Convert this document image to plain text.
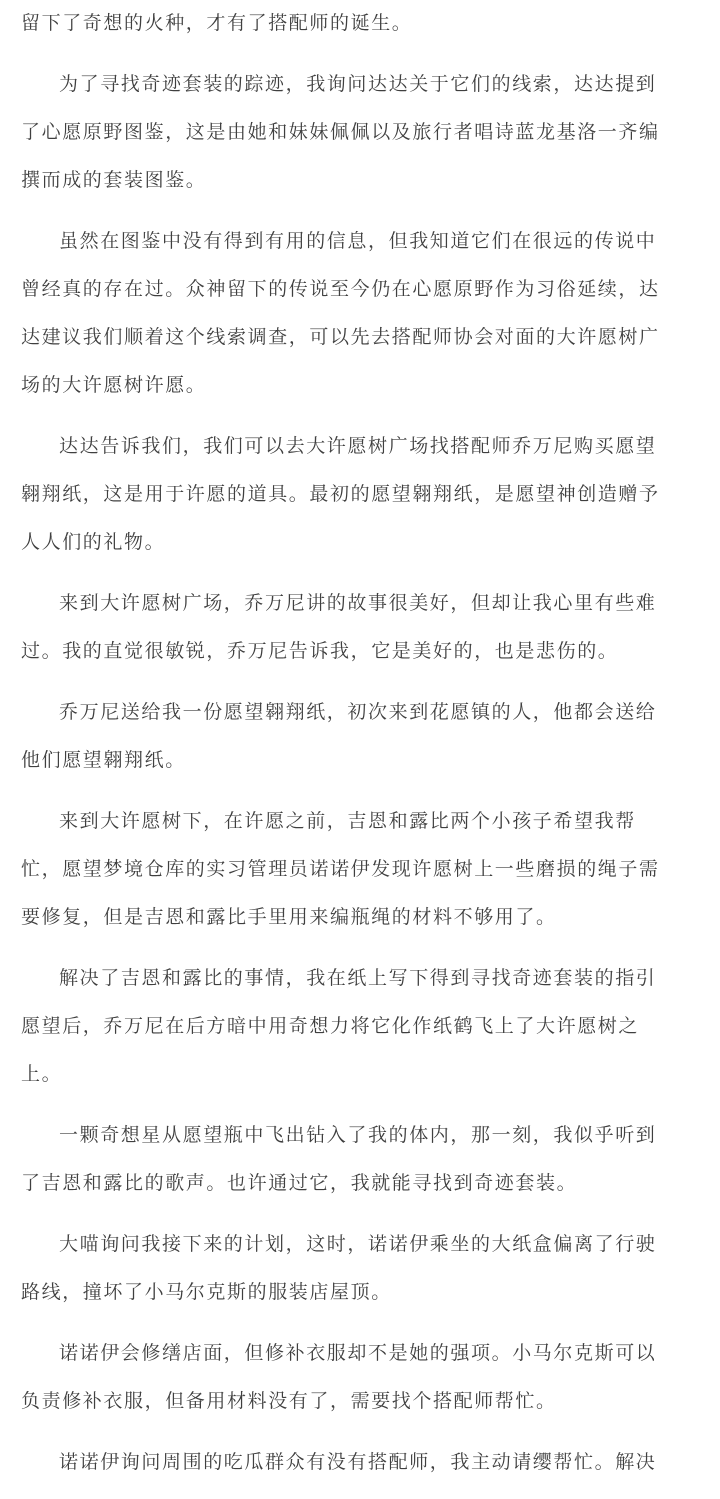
留下了奇想的火种，才有了搭配师的诞生。
为了寻找奇迹套装的踪迹，我询问达达关于它们的线索，达达提到
了心愿原野图鉴，这是由她和妹妹佩佩以及旅行者唱诗蓝龙基洛一齐编
撰而成的套装图鉴。
虽然在图鉴中没有得到有用的信息，但我知道它们在很远的传说中
曾经真的存在过。众神留下的传说至今仍在心愿原野作为习俗延续，达
达建议我们顺着这个线索调查，可以先去搭配师协会对面的大许愿树广
场的大许愿树许愿。
达达告诉我们，我们可以去大许愿树广场找搭配师乔万尼购买愿望
翱翔纸，这是用于许愿的道具。最初的愿望翱翔纸，是愿望神创造赠予
人人们的礼物。
来到大许愿树广场，乔万尼讲的故事很美好，但却让我心里有些难
过。我的直觉很敏锐，乔万尼告诉我，它是美好的，也是悲伤的。
乔万尼送给我一份愿望翱翔纸，初次来到花愿镇的人，他都会送给
他们愿望翱翔纸。
来到大许愿树下，在许愿之前，吉恩和露比两个小孩子希望我帮
忙，愿望梦境仓库的实习管理员诺诺伊发现许愿树上一些磨损的绳子需
要修复，但是吉恩和露比手里用来编瓶绳的材料不够用了。
解决了吉恩和露比的事情，我在纸上写下得到寻找奇迹套装的指引
愿望后，乔万尼在后方暗中用奇想力将它化作纸鹤飞上了大许愿树之
上。
一颗奇想星从愿望瓶中飞出钻入了我的体内，那一刻，我似乎听到
了吉恩和露比的歌声。也许通过它，我就能寻找到奇迹套装。
大喵询问我接下来的计划，这时，诺诺伊乘坐的大纸盒偏离了行驶
路线，撞坏了小马尔克斯的服装店屋顶。
诺诺伊会修缮店面，但修补衣服却不是她的强项。小马尔克斯可以
负责修补衣服，但备用材料没有了，需要找个搭配师帮忙。
诺诺伊询问周围的吃瓜群众有没有搭配师，我主动请缨帮忙。解决
